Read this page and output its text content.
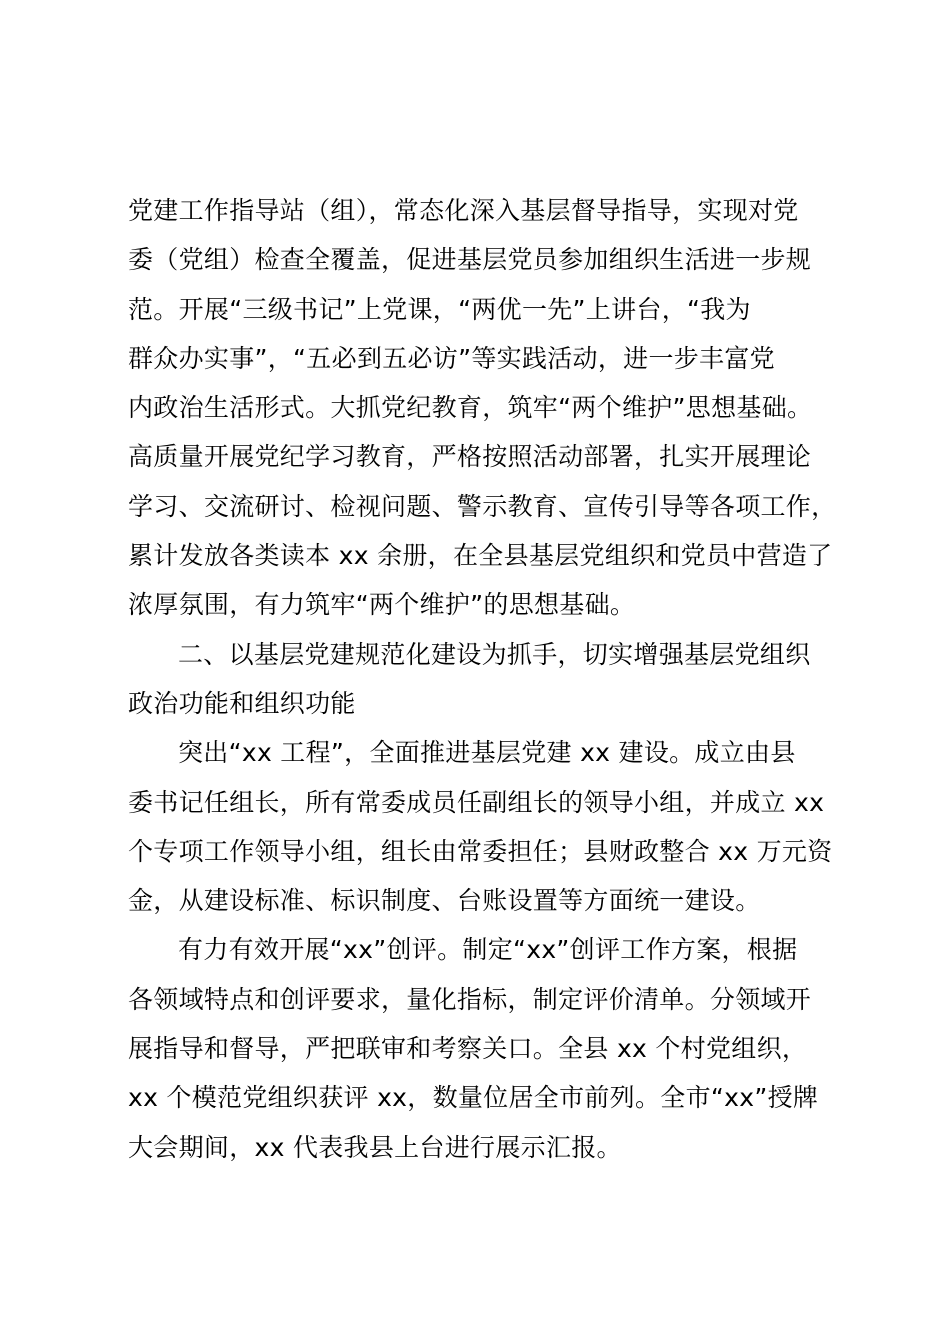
党建工作指导站（组），常态化深入基层督导指导，实现对党
委（党组）检查全覆盖，促进基层党员参加组织生活进一步规
范。开展“三级书记”上党课，“两优一先”上讲台，“我为
群众办实事”，“五必到五必访”等实践活动，进一步丰富党
内政治生活形式。大抓党纪教育，筑牢“两个维护”思想基础。
高质量开展党纪学习教育，严格按照活动部署，扎实开展理论
学习、交流研讨、检视问题、警示教育、宣传引导等各项工作，
累计发放各类读本 xx 余册，在全县基层党组织和党员中营造了
浓厚氛围，有力筑牢“两个维护”的思想基础。
二、以基层党建规范化建设为抓手，切实增强基层党组织
政治功能和组织功能
突出“xx 工程”，全面推进基层党建 xx 建设。成立由县
委书记任组长，所有常委成员任副组长的领导小组，并成立 xx
个专项工作领导小组，组长由常委担任；县财政整合 xx 万元资
金，从建设标准、标识制度、台账设置等方面统一建设。
有力有效开展“xx”创评。制定“xx”创评工作方案，根据
各领域特点和创评要求，量化指标，制定评价清单。分领域开
展指导和督导，严把联审和考察关口。全县 xx 个村党组织，
xx 个模范党组织获评 xx，数量位居全市前列。全市“xx”授牌
大会期间，xx 代表我县上台进行展示汇报。
